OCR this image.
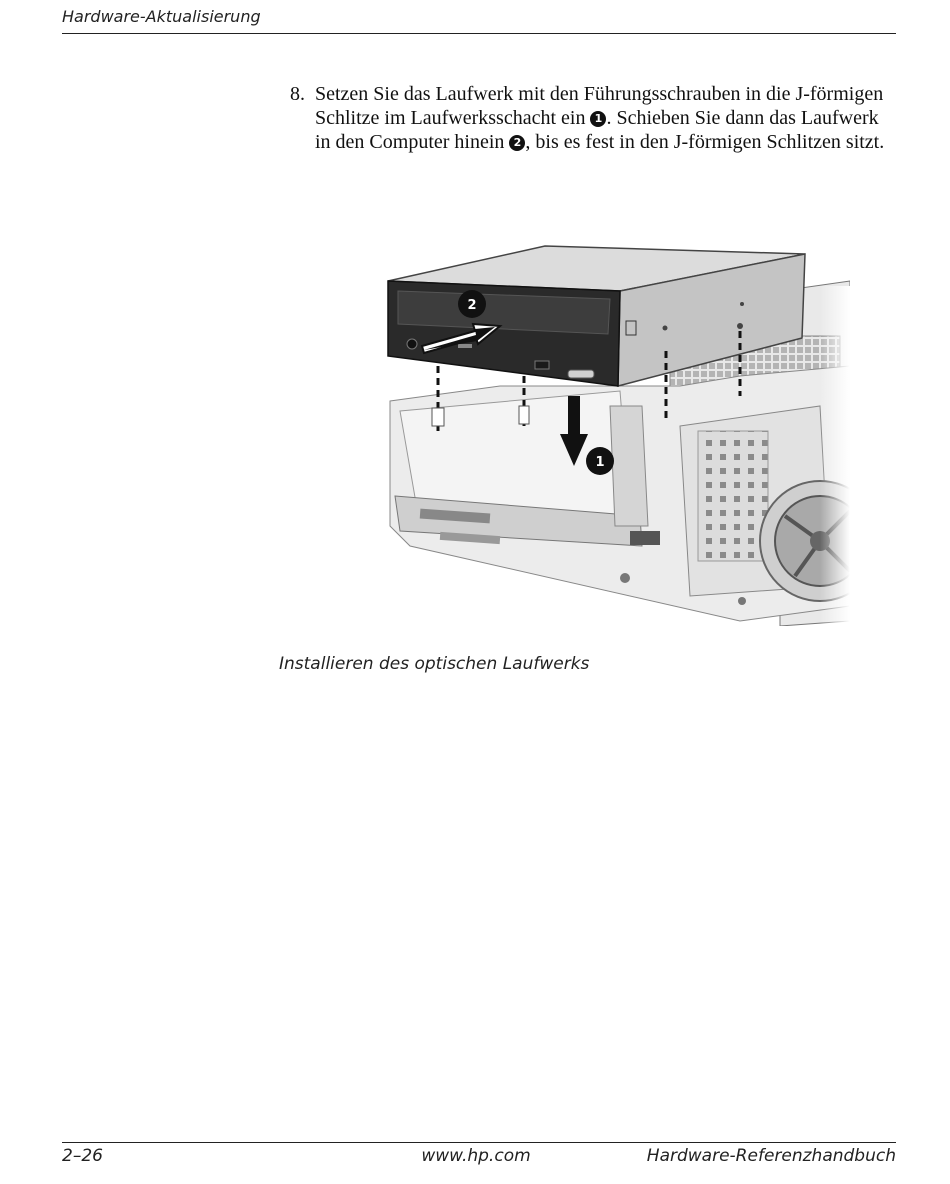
Hardware-Aktualisierung
8. Setzen Sie das Laufwerk mit den Führungsschrauben in die J-förmigen Schlitze im Laufwerksschacht ein 1 . Schieben Sie dann das Laufwerk in den Computer hinein 2 , bis es fest in den J-förmigen Schlitzen sitzt.
1
2
Installieren des optischen Laufwerks
2–26	www.hp.com	Hardware-Referenzhandbuch
